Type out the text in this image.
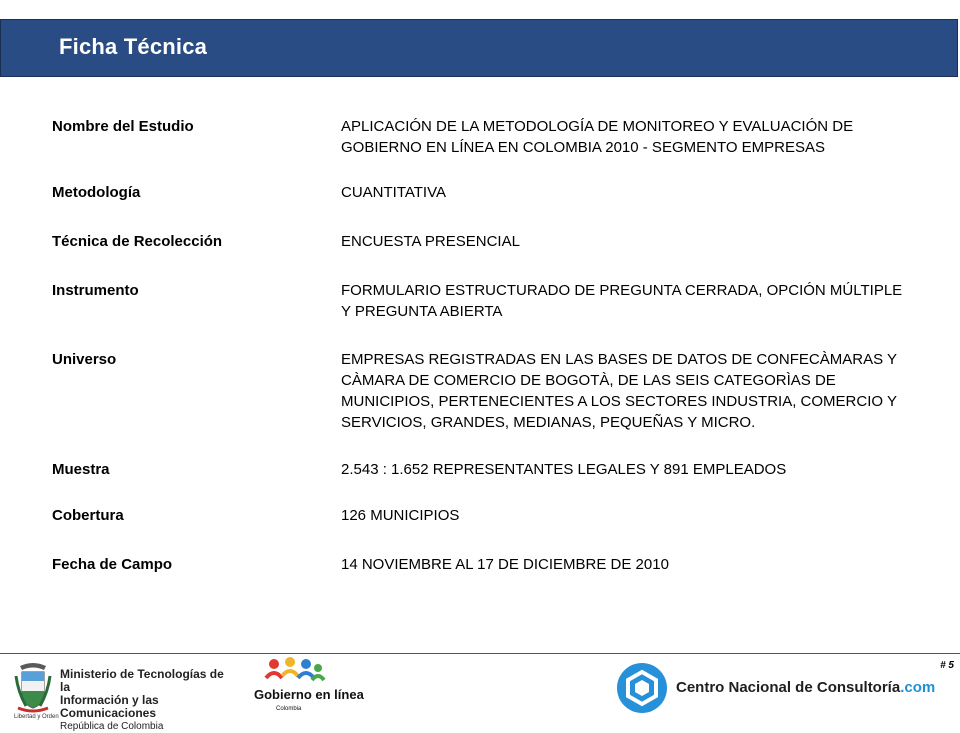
Ficha Técnica
Nombre del Estudio	APLICACIÓN DE LA METODOLOGÍA DE MONITOREO Y EVALUACIÓN DE GOBIERNO EN LÍNEA EN COLOMBIA 2010 - SEGMENTO EMPRESAS
Metodología	CUANTITATIVA
Técnica de Recolección	ENCUESTA PRESENCIAL
Instrumento	FORMULARIO ESTRUCTURADO DE PREGUNTA CERRADA, OPCIÓN MÚLTIPLE Y PREGUNTA ABIERTA
Universo	EMPRESAS REGISTRADAS EN LAS BASES DE DATOS DE CONFECÀMARAS Y CÀMARA DE COMERCIO DE BOGOTÀ, DE LAS SEIS CATEGORÌAS DE MUNICIPIOS, PERTENECIENTES A LOS SECTORES INDUSTRIA, COMERCIO Y SERVICIOS, GRANDES, MEDIANAS, PEQUEÑAS Y MICRO.
Muestra	2.543 : 1.652 REPRESENTANTES LEGALES Y 891 EMPLEADOS
Cobertura	126 MUNICIPIOS
Fecha de Campo	14 NOVIEMBRE AL 17 DE DICIEMBRE DE 2010
# 5
Ministerio de Tecnologías de la
Información y las Comunicaciones
República de Colombia
Libertad y Orden
Gobierno en línea
Colombia
Centro Nacional de Consultoría.com
